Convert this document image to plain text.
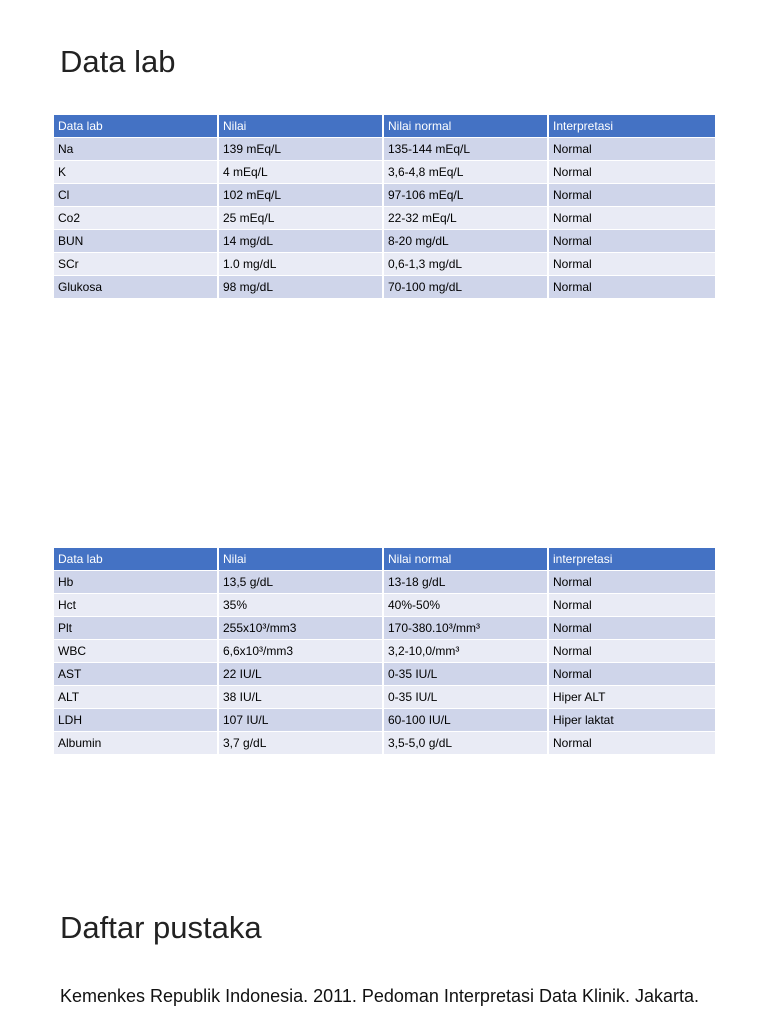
Data lab
Data lab	Nilai	Nilai normal	Interpretasi
Na	139 mEq/L	135-144 mEq/L	Normal
K	4 mEq/L	3,6-4,8 mEq/L	Normal
Cl	102 mEq/L	97-106 mEq/L	Normal
Co2	25 mEq/L	22-32 mEq/L	Normal
BUN	14 mg/dL	8-20 mg/dL	Normal
SCr	1.0 mg/dL	0,6-1,3 mg/dL	Normal
Glukosa	98 mg/dL	70-100 mg/dL	Normal
Data lab	Nilai	Nilai normal	interpretasi
Hb	13,5 g/dL	13-18 g/dL	Normal
Hct	35%	40%-50%	Normal
Plt	255x10³/mm3	170-380.10³/mm³	Normal
WBC	6,6x10³/mm3	3,2-10,0/mm³	Normal
AST	22 IU/L	0-35 IU/L	Normal
ALT	38 IU/L	0-35 IU/L	Hiper ALT
LDH	107 IU/L	60-100 IU/L	Hiper laktat
Albumin	3,7 g/dL	3,5-5,0 g/dL	Normal
Daftar pustaka

Kemenkes Republik Indonesia. 2011. Pedoman Interpretasi Data Klinik. Jakarta.
